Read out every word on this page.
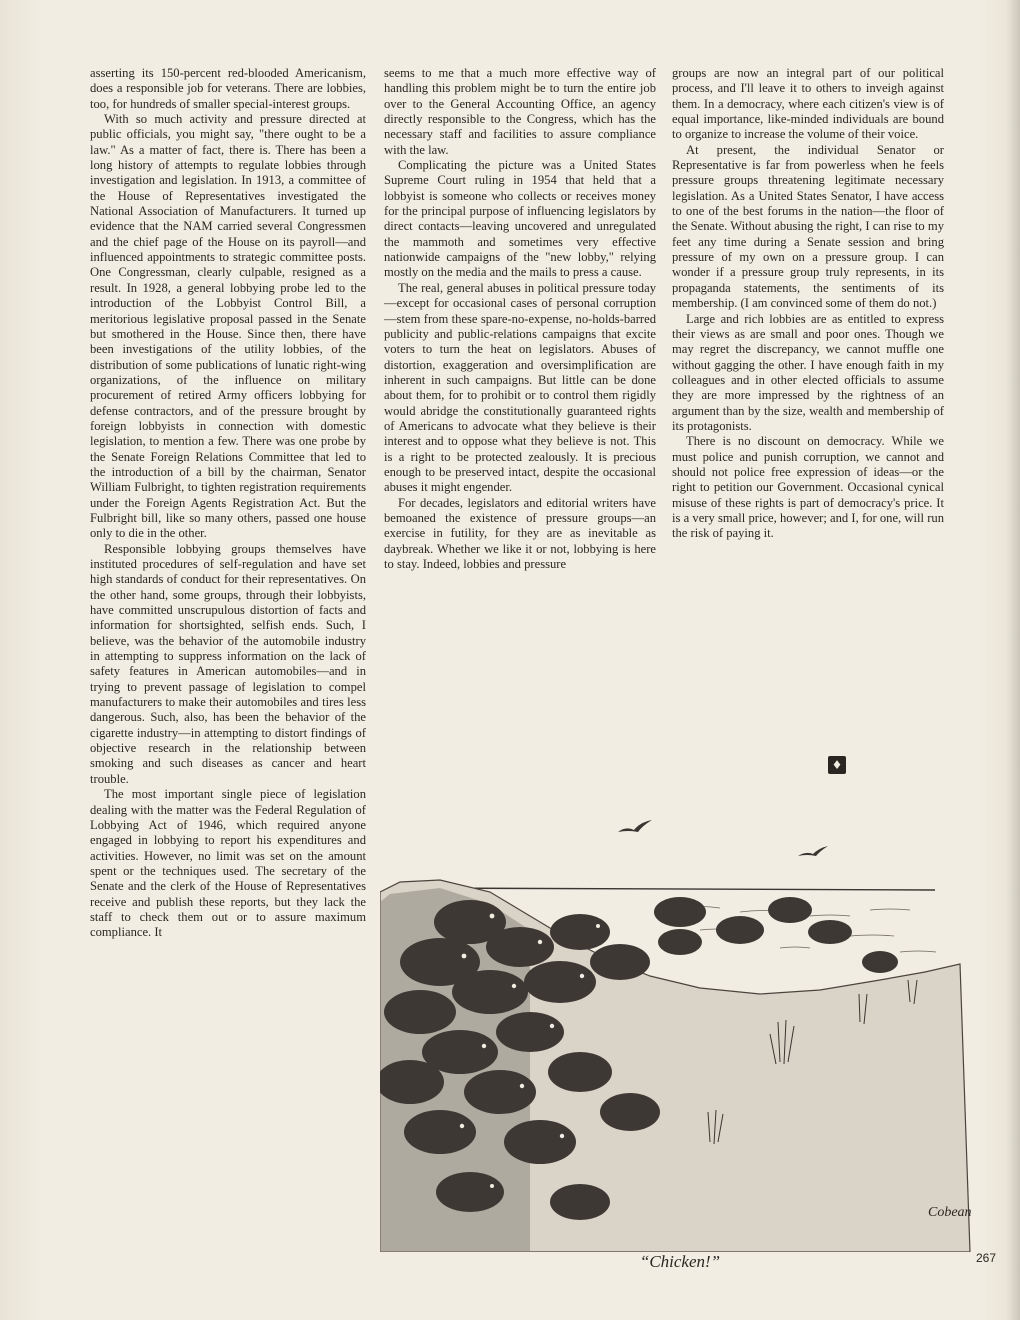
asserting its 150-percent red-blooded Americanism, does a responsible job for veterans. There are lobbies, too, for hundreds of smaller special-interest groups.

With so much activity and pressure directed at public officials, you might say, "there ought to be a law." As a matter of fact, there is. There has been a long history of attempts to regulate lobbies through investigation and legislation. In 1913, a committee of the House of Representatives investigated the National Association of Manufacturers. It turned up evidence that the NAM carried several Congressmen and the chief page of the House on its payroll—and influenced appointments to strategic committee posts. One Congressman, clearly culpable, resigned as a result. In 1928, a general lobbying probe led to the introduction of the Lobbyist Control Bill, a meritorious legislative proposal passed in the Senate but smothered in the House. Since then, there have been investigations of the utility lobbies, of the distribution of some publications of lunatic right-wing organizations, of the influence on military procurement of retired Army officers lobbying for defense contractors, and of the pressure brought by foreign lobbyists in connection with domestic legislation, to mention a few. There was one probe by the Senate Foreign Relations Committee that led to the introduction of a bill by the chairman, Senator William Fulbright, to tighten registration requirements under the Foreign Agents Registration Act. But the Fulbright bill, like so many others, passed one house only to die in the other.

Responsible lobbying groups themselves have instituted procedures of self-regulation and have set high standards of conduct for their representatives. On the other hand, some groups, through their lobbyists, have committed unscrupulous distortion of facts and information for shortsighted, selfish ends. Such, I believe, was the behavior of the automobile industry in attempting to suppress information on the lack of safety features in American automobiles—and in trying to prevent passage of legislation to compel manufacturers to make their automobiles and tires less dangerous. Such, also, has been the behavior of the cigarette industry—in attempting to distort findings of objective research in the relationship between smoking and such diseases as cancer and heart trouble.

The most important single piece of legislation dealing with the matter was the Federal Regulation of Lobbying Act of 1946, which required anyone engaged in lobbying to report his expenditures and activities. However, no limit was set on the amount spent or the techniques used. The secretary of the Senate and the clerk of the House of Representatives receive and publish these reports, but they lack the staff to check them out or to assure maximum compliance. It

seems to me that a much more effective way of handling this problem might be to turn the entire job over to the General Accounting Office, an agency directly responsible to the Congress, which has the necessary staff and facilities to assure compliance with the law.

Complicating the picture was a United States Supreme Court ruling in 1954 that held that a lobbyist is someone who collects or receives money for the principal purpose of influencing legislators by direct contacts—leaving uncovered and unregulated the mammoth and sometimes very effective nationwide campaigns of the "new lobby," relying mostly on the media and the mails to press a cause.

The real, general abuses in political pressure today—except for occasional cases of personal corruption—stem from these spare-no-expense, no-holds-barred publicity and public-relations campaigns that excite voters to turn the heat on legislators. Abuses of distortion, exaggeration and oversimplification are inherent in such campaigns. But little can be done about them, for to prohibit or to control them rigidly would abridge the constitutionally guaranteed rights of Americans to advocate what they believe is their interest and to oppose what they believe is not. This is a right to be protected zealously. It is precious enough to be preserved intact, despite the occasional abuses it might engender.

For decades, legislators and editorial writers have bemoaned the existence of pressure groups—an exercise in futility, for they are as inevitable as daybreak. Whether we like it or not, lobbying is here to stay. Indeed, lobbies and pressure

groups are now an integral part of our political process, and I'll leave it to others to inveigh against them. In a democracy, where each citizen's view is of equal importance, like-minded individuals are bound to organize to increase the volume of their voice.

At present, the individual Senator or Representative is far from powerless when he feels pressure groups threatening legitimate necessary legislation. As a United States Senator, I have access to one of the best forums in the nation—the floor of the Senate. Without abusing the right, I can rise to my feet any time during a Senate session and bring pressure of my own on a pressure group. I can wonder if a pressure group truly represents, in its propaganda statements, the sentiments of its membership. (I am convinced some of them do not.)

Large and rich lobbies are as entitled to express their views as are small and poor ones. Though we may regret the discrepancy, we cannot muffle one without gagging the other. I have enough faith in my colleagues and in other elected officials to assume they are more impressed by the rightness of an argument than by the size, wealth and membership of its protagonists.

There is no discount on democracy. While we must police and punish corruption, we cannot and should not police free expression of ideas—or the right to petition our Government. Occasional cynical misuse of these rights is part of democracy's price. It is a very small price, however; and I, for one, will run the risk of paying it.

♦
Cobean
“Chicken!”	267
